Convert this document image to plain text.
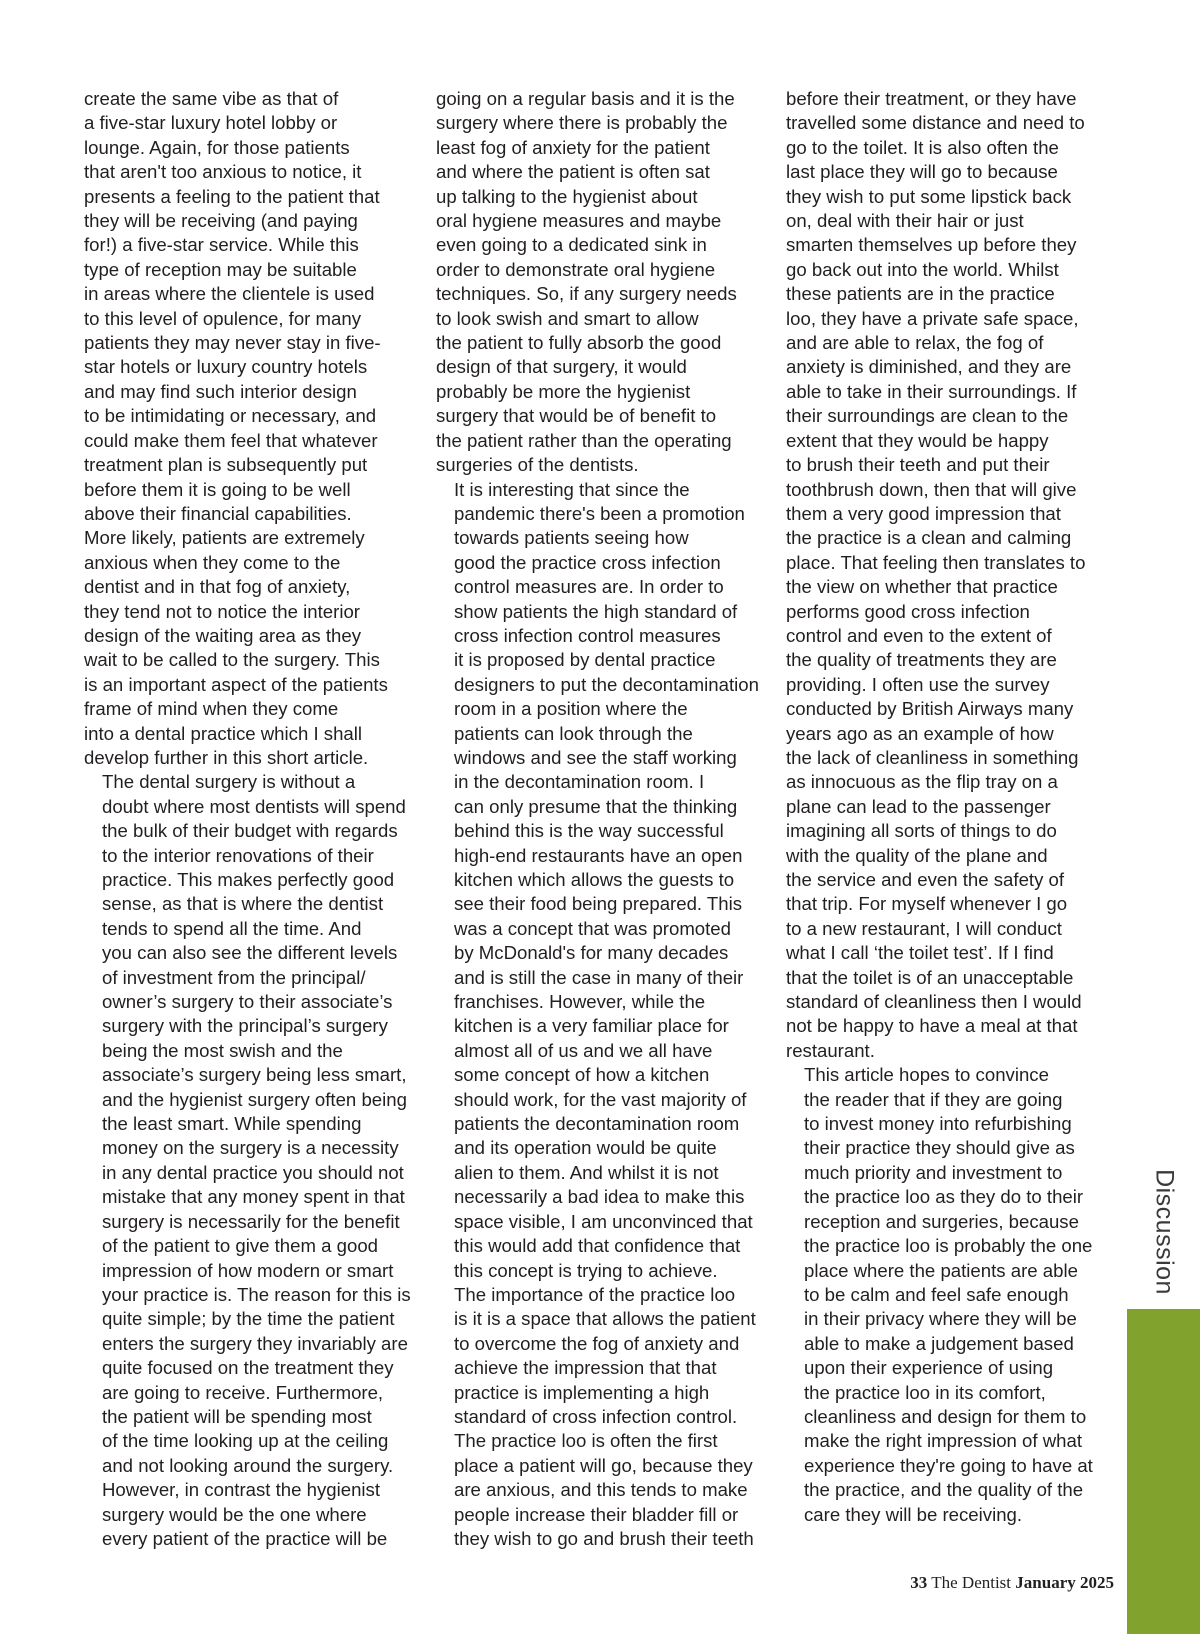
create the same vibe as that of
a five-star luxury hotel lobby or
lounge. Again, for those patients
that aren't too anxious to notice, it
presents a feeling to the patient that
they will be receiving (and paying
for!) a five-star service. While this
type of reception may be suitable
in areas where the clientele is used
to this level of opulence, for many
patients they may never stay in five-
star hotels or luxury country hotels
and may find such interior design
to be intimidating or necessary, and
could make them feel that whatever
treatment plan is subsequently put
before them it is going to be well
above their financial capabilities.
More likely, patients are extremely
anxious when they come to the
dentist and in that fog of anxiety,
they tend not to notice the interior
design of the waiting area as they
wait to be called to the surgery. This
is an important aspect of the patients
frame of mind when they come
into a dental practice which I shall
develop further in this short article.

The dental surgery is without a
doubt where most dentists will spend
the bulk of their budget with regards
to the interior renovations of their
practice. This makes perfectly good
sense, as that is where the dentist
tends to spend all the time. And
you can also see the different levels
of investment from the principal/
owner’s surgery to their associate’s
surgery with the principal’s surgery
being the most swish and the
associate’s surgery being less smart,
and the hygienist surgery often being
the least smart. While spending
money on the surgery is a necessity
in any dental practice you should not
mistake that any money spent in that
surgery is necessarily for the benefit
of the patient to give them a good
impression of how modern or smart
your practice is. The reason for this is
quite simple; by the time the patient
enters the surgery they invariably are
quite focused on the treatment they
are going to receive. Furthermore,
the patient will be spending most
of the time looking up at the ceiling
and not looking around the surgery.
However, in contrast the hygienist
surgery would be the one where
every patient of the practice will be

going on a regular basis and it is the
surgery where there is probably the
least fog of anxiety for the patient
and where the patient is often sat
up talking to the hygienist about
oral hygiene measures and maybe
even going to a dedicated sink in
order to demonstrate oral hygiene
techniques. So, if any surgery needs
to look swish and smart to allow
the patient to fully absorb the good
design of that surgery, it would
probably be more the hygienist
surgery that would be of benefit to
the patient rather than the operating
surgeries of the dentists.

It is interesting that since the
pandemic there's been a promotion
towards patients seeing how
good the practice cross infection
control measures are. In order to
show patients the high standard of
cross infection control measures
it is proposed by dental practice
designers to put the decontamination
room in a position where the
patients can look through the
windows and see the staff working
in the decontamination room. I
can only presume that the thinking
behind this is the way successful
high-end restaurants have an open
kitchen which allows the guests to
see their food being prepared. This
was a concept that was promoted
by McDonald's for many decades
and is still the case in many of their
franchises. However, while the
kitchen is a very familiar place for
almost all of us and we all have
some concept of how a kitchen
should work, for the vast majority of
patients the decontamination room
and its operation would be quite
alien to them. And whilst it is not
necessarily a bad idea to make this
space visible, I am unconvinced that
this would add that confidence that
this concept is trying to achieve.

The importance of the practice loo
is it is a space that allows the patient
to overcome the fog of anxiety and
achieve the impression that that
practice is implementing a high
standard of cross infection control.
The practice loo is often the first
place a patient will go, because they
are anxious, and this tends to make
people increase their bladder fill or
they wish to go and brush their teeth

before their treatment, or they have
travelled some distance and need to
go to the toilet. It is also often the
last place they will go to because
they wish to put some lipstick back
on, deal with their hair or just
smarten themselves up before they
go back out into the world. Whilst
these patients are in the practice
loo, they have a private safe space,
and are able to relax, the fog of
anxiety is diminished, and they are
able to take in their surroundings. If
their surroundings are clean to the
extent that they would be happy
to brush their teeth and put their
toothbrush down, then that will give
them a very good impression that
the practice is a clean and calming
place. That feeling then translates to
the view on whether that practice
performs good cross infection
control and even to the extent of
the quality of treatments they are
providing. I often use the survey
conducted by British Airways many
years ago as an example of how
the lack of cleanliness in something
as innocuous as the flip tray on a
plane can lead to the passenger
imagining all sorts of things to do
with the quality of the plane and
the service and even the safety of
that trip. For myself whenever I go
to a new restaurant, I will conduct
what I call ‘the toilet test’. If I find
that the toilet is of an unacceptable
standard of cleanliness then I would
not be happy to have a meal at that
restaurant.

This article hopes to convince
the reader that if they are going
to invest money into refurbishing
their practice they should give as
much priority and investment to
the practice loo as they do to their
reception and surgeries, because
the practice loo is probably the one
place where the patients are able
to be calm and feel safe enough
in their privacy where they will be
able to make a judgement based
upon their experience of using
the practice loo in its comfort,
cleanliness and design for them to
make the right impression of what
experience they're going to have at
the practice, and the quality of the
care they will be receiving.

Discussion
33 The Dentist January 2025
